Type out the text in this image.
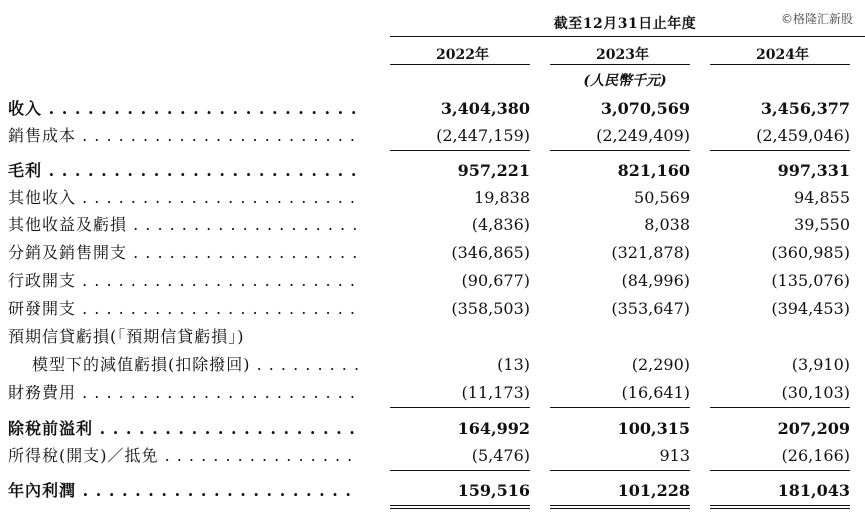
©格隆汇新股
截至12月31日止年度
2022年	2023年	2024年
(人民幣千元)
收入 . . .	3,404,380	3,070,569	3,456,377
銷售成本 . . .	(2,447,159)	(2,249,409)	(2,459,046)
毛利 . . .	957,221	821,160	997,331
其他收入 . . .	19,838	50,569	94,855
其他收益及虧損 . . .	(4,836)	8,038	39,550
分銷及銷售開支 . . .	(346,865)	(321,878)	(360,985)
行政開支 . . .	(90,677)	(84,996)	(135,076)
研發開支 . . .	(358,503)	(353,647)	(394,453)
預期信貸虧損(「預期信貸虧損」)
模型下的減值虧損(扣除撥回) . . .	(13)	(2,290)	(3,910)
財務費用 . . .	(11,173)	(16,641)	(30,103)
除稅前溢利 . . .	164,992	100,315	207,209
所得稅(開支)／抵免 . . .	(5,476)	913	(26,166)
年內利潤 . . .	159,516	101,228	181,043
